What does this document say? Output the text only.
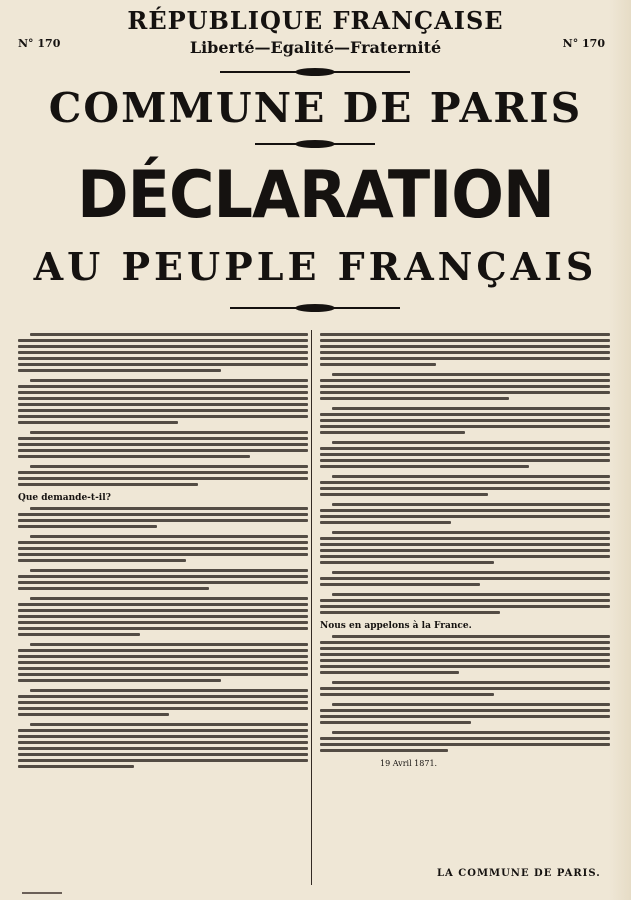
N° 170	N° 170
RÉPUBLIQUE FRANÇAISE
Liberté—Egalité—Fraternité
COMMUNE DE PARIS
DÉCLARATION
AU PEUPLE FRANÇAIS
Que demande-t-il?
Nous en appelons à la France.
19 Avril 1871.
LA COMMUNE DE PARIS.
